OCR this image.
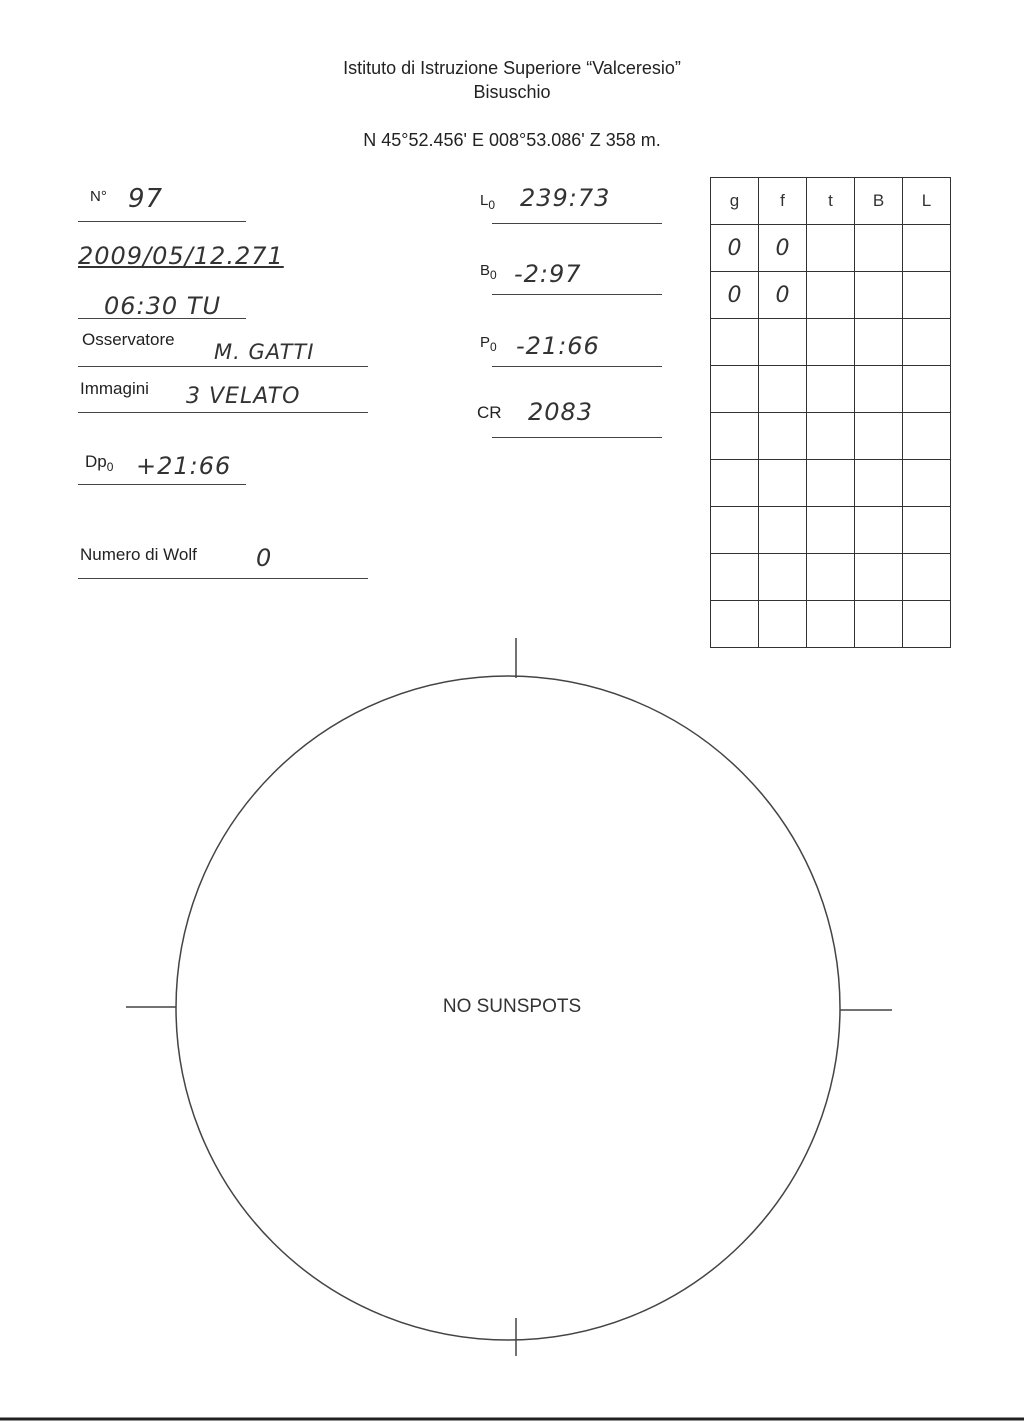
Istituto di Istruzione Superiore “Valceresio”
Bisuschio
N 45°52.456' E 008°53.086' Z 358 m.
N° 97
2009/05/12.271
06:30 TU
Osservatore
M. GATTI
Immagini 3 VELATO
$Dp_0$ +21:66
Numero di Wolf 0
$L_0$ 239:73
$B_0$ -2:97
$P_0$ -21:66
CR 2083
g	f	t	B	L
0	0			
0	0			

NO SUNSPOTS
